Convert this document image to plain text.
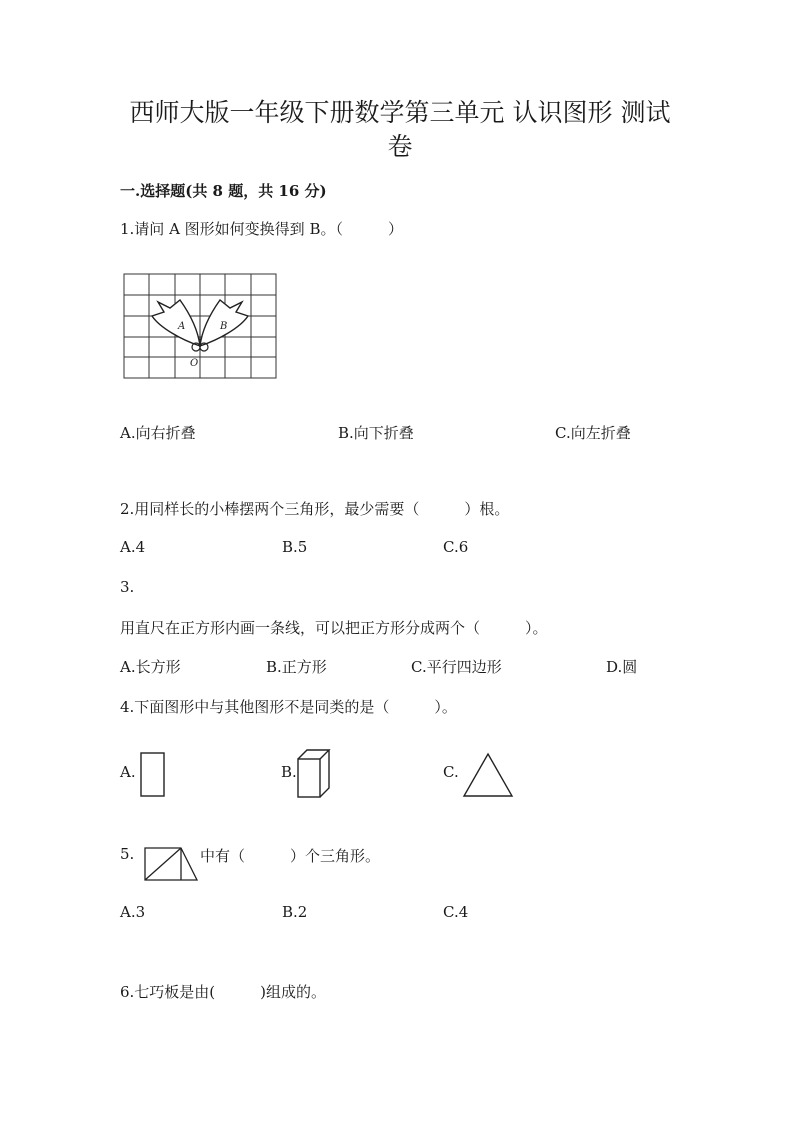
西师大版一年级下册数学第三单元 认识图形 测试
卷
一.选择题(共 8 题，共 16 分)
1.请问 A 图形如何变换得到 B。（　　　）
A	B
O
A.向右折叠	B.向下折叠	C.向左折叠
2.用同样长的小棒摆两个三角形，最少需要（　　　）根。
A.4	B.5	C.6
3.
用直尺在正方形内画一条线，可以把正方形分成两个（　　　）。
A.长方形	B.正方形	C.平行四边形	D.圆
4.下面图形中与其他图形不是同类的是（　　　）。
A.	B.	C.
5.	中有（　　　）个三角形。
A.3	B.2	C.4
6.七巧板是由(　　　)组成的。
